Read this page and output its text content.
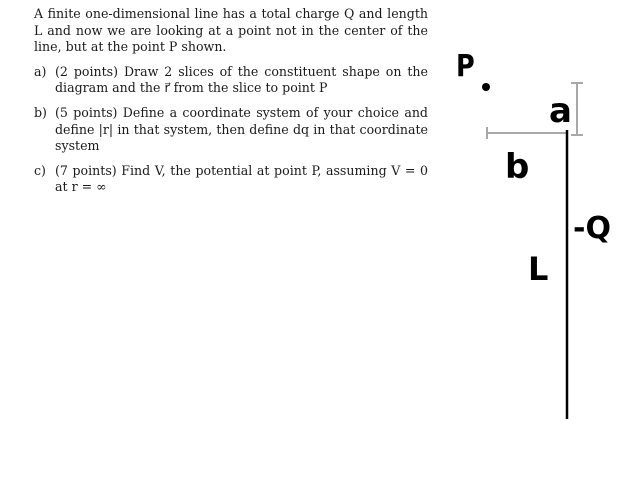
A finite one-dimensional line has a total charge Q and length L and now we are looking at a point not in the center of the line, but at the point P shown.

a) (2 points) Draw 2 slices of the constituent shape on the diagram and the r⃗ from the slice to point P
b) (5 points) Define a coordinate system of your choice and define |r| in that system, then define dq in that coordinate system
c) (7 points) Find V, the potential at point P, assuming V = 0 at r = ∞
P
a
b
-Q
L
